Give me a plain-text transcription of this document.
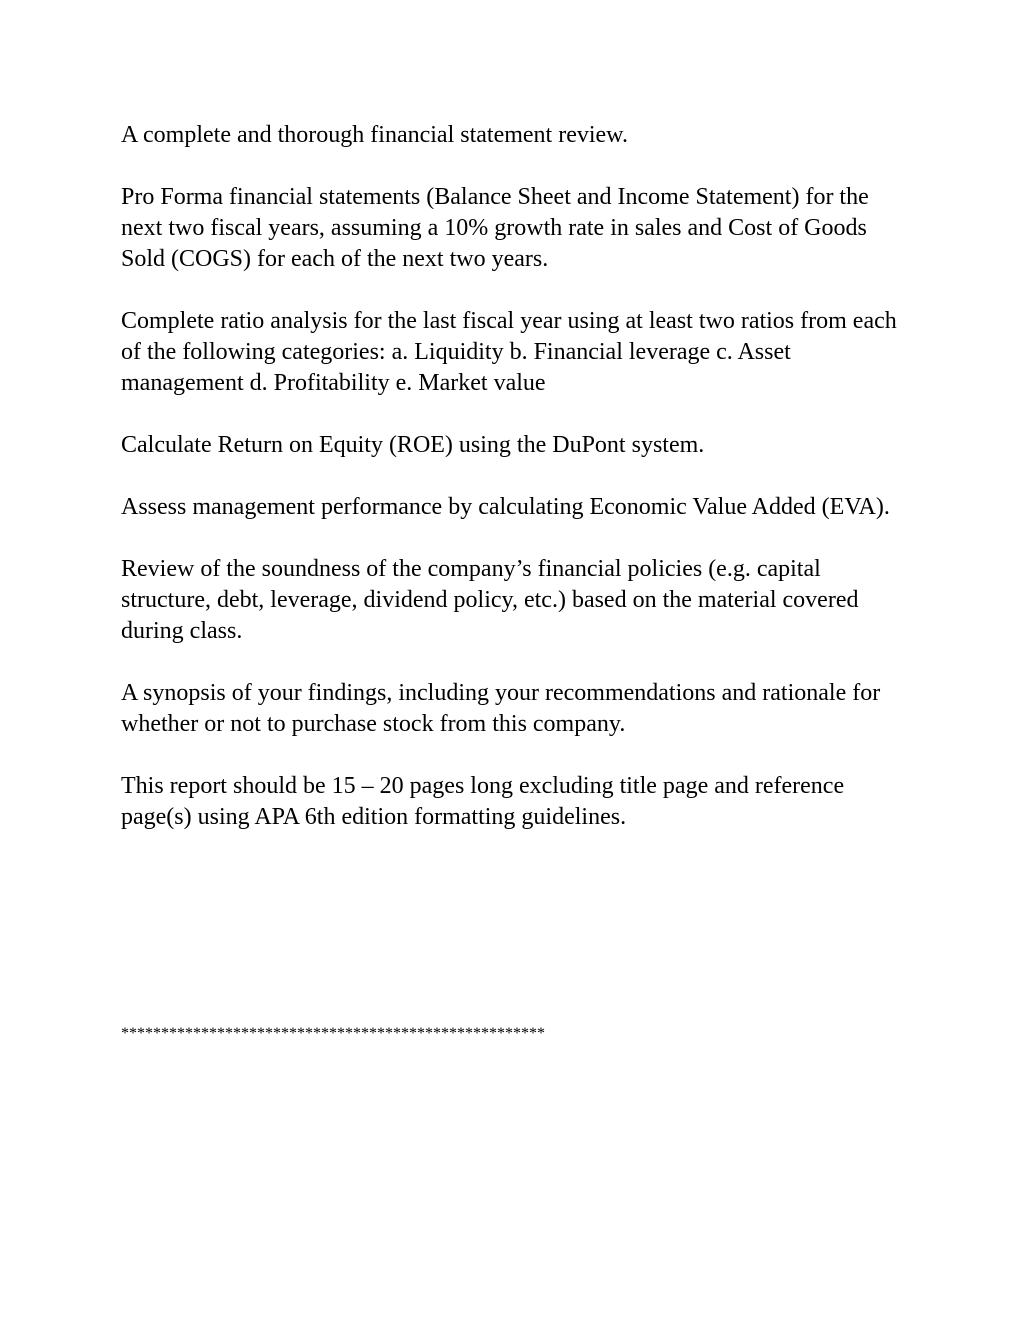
A complete and thorough financial statement review.

Pro Forma financial statements (Balance Sheet and Income Statement) for the next two fiscal years, assuming a 10% growth rate in sales and Cost of Goods Sold (COGS) for each of the next two years.

Complete ratio analysis for the last fiscal year using at least two ratios from each of the following categories: a. Liquidity b. Financial leverage c. Asset management d. Profitability e. Market value

Calculate Return on Equity (ROE) using the DuPont system.

Assess management performance by calculating Economic Value Added (EVA).

Review of the soundness of the company’s financial policies (e.g. capital structure, debt, leverage, dividend policy, etc.) based on the material covered during class.

A synopsis of your findings, including your recommendations and rationale for whether or not to purchase stock from this company.

This report should be 15 – 20 pages long excluding title page and reference page(s) using APA 6th edition formatting guidelines.

*****************************************************
